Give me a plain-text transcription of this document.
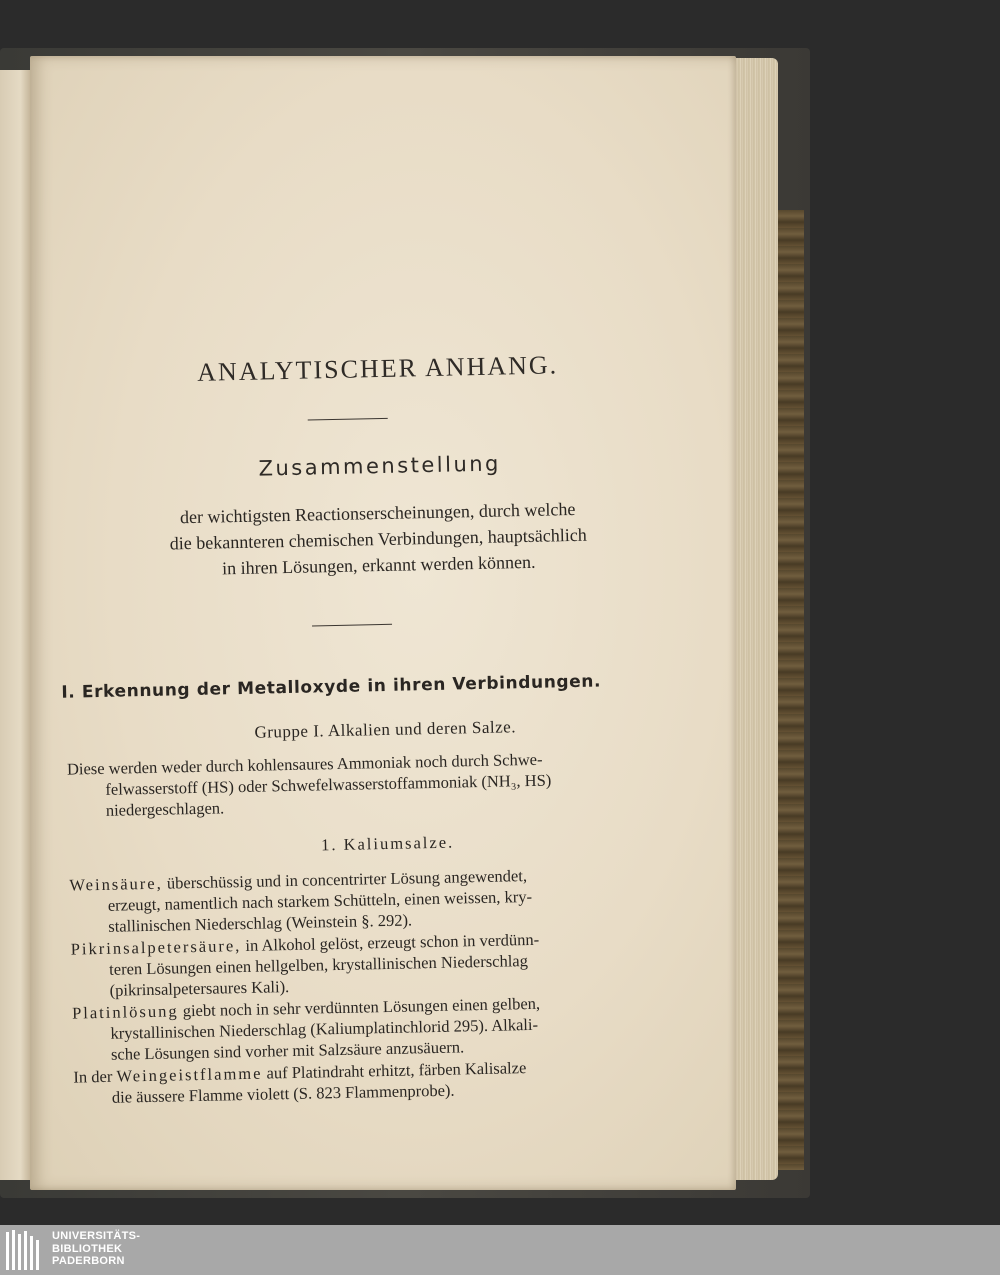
ANALYTISCHER ANHANG.
Zusammenstellung
der wichtigsten Reactionserscheinungen, durch welche
die bekannteren chemischen Verbindungen, hauptsächlich
in ihren Lösungen, erkannt werden können.
I. Erkennung der Metalloxyde in ihren Verbindungen.
Gruppe I. Alkalien und deren Salze.
Diese werden weder durch kohlensaures Ammoniak noch durch Schwe-
felwasserstoff (HS) oder Schwefelwasserstoffammoniak (NH₃, HS)
niedergeschlagen.
1. Kaliumsalze.
Weinsäure, überschüssig und in concentrirter Lösung angewendet,
erzeugt, namentlich nach starkem Schütteln, einen weissen, kry-
stallinischen Niederschlag (Weinstein §. 292).
Pikrinsalpetersäure, in Alkohol gelöst, erzeugt schon in verdünn-
teren Lösungen einen hellgelben, krystallinischen Niederschlag
(pikrinsalpetersaures Kali).
Platinlösung giebt noch in sehr verdünnten Lösungen einen gelben,
krystallinischen Niederschlag (Kaliumplatinchlorid 295). Alkali-
sche Lösungen sind vorher mit Salzsäure anzusäuern.
In der Weingeistflamme auf Platindraht erhitzt, färben Kalisalze
die äussere Flamme violett (S. 823 Flammenprobe).
UNIVERSITÄTS-
BIBLIOTHEK
PADERBORN
